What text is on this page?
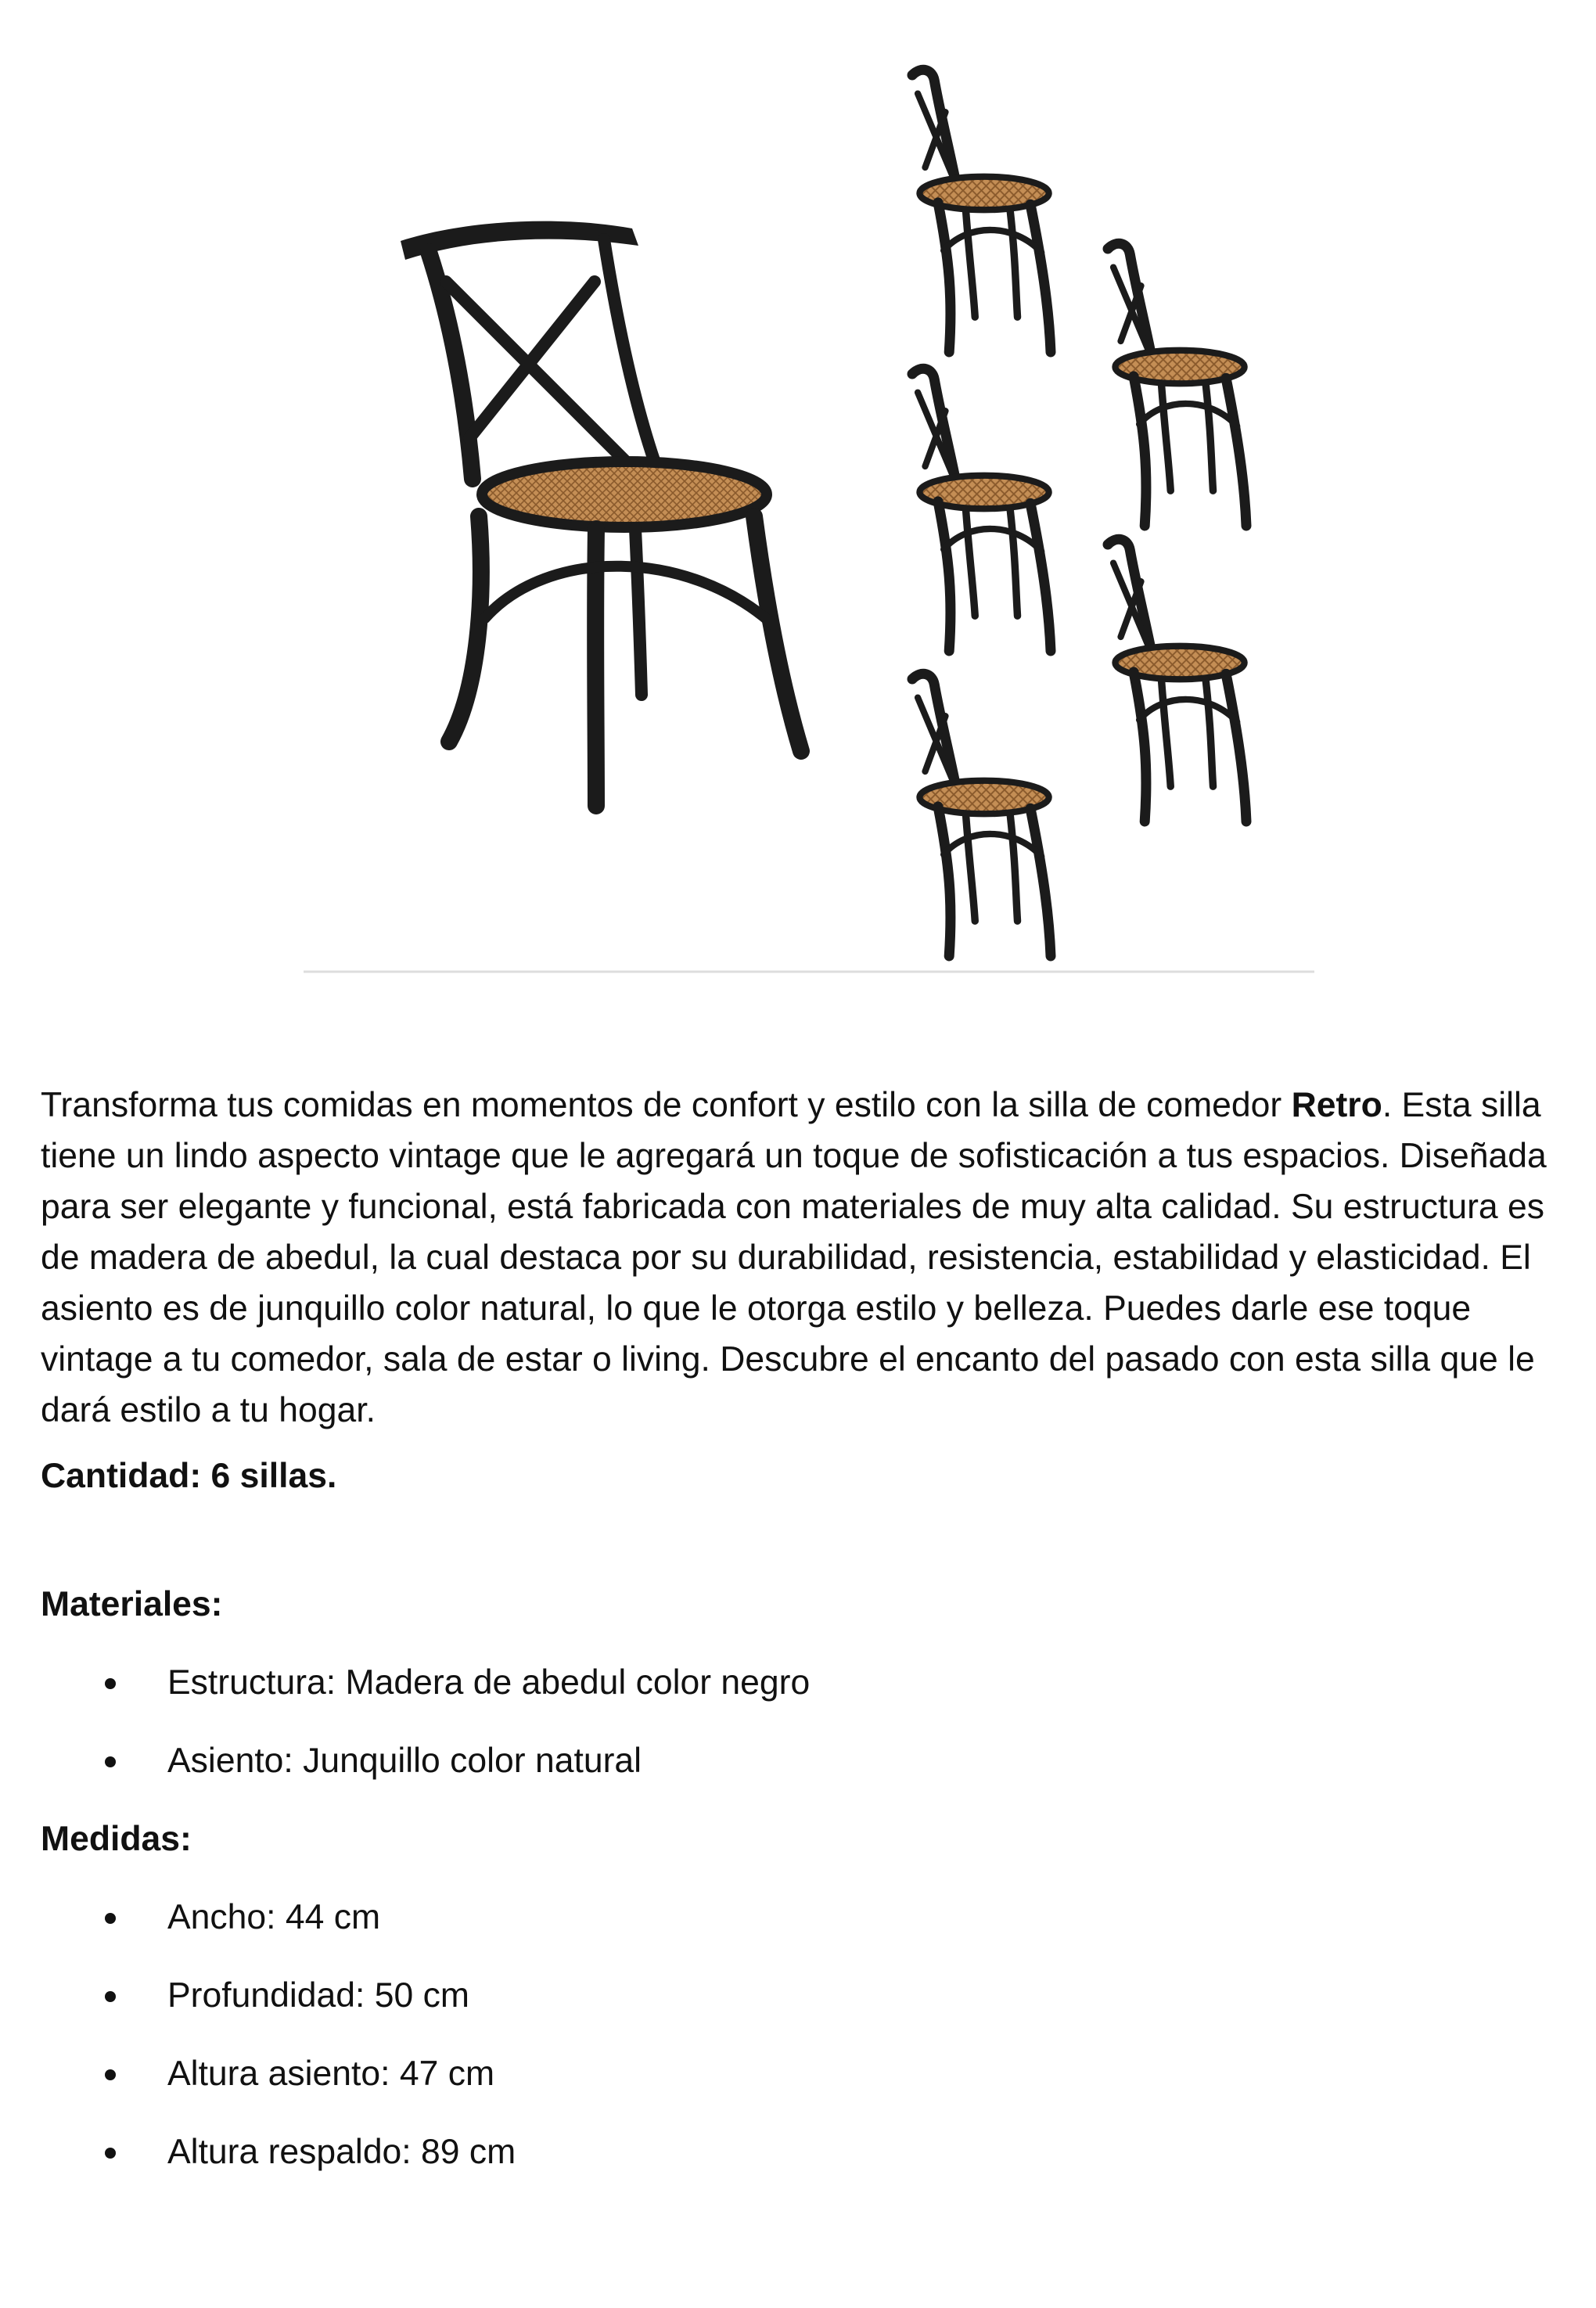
Transforma tus comidas en momentos de confort y estilo con la silla de comedor Retro. Esta silla tiene un lindo aspecto vintage que le agregará un toque de sofisticación a tus espacios. Diseñada para ser elegante y funcional, está fabricada con materiales de muy alta calidad. Su estructura es de madera de abedul, la cual destaca por su durabilidad, resistencia, estabilidad y elasticidad. El asiento es de junquillo color natural, lo que le otorga estilo y belleza. Puedes darle ese toque vintage a tu comedor, sala de estar o living. Descubre el encanto del pasado con esta silla que le dará estilo a tu hogar.

Cantidad: 6 sillas.

Materiales:

Estructura: Madera de abedul color negro
Asiento: Junquillo color natural

Medidas:

Ancho: 44 cm
Profundidad: 50 cm
Altura asiento: 47 cm
Altura respaldo: 89 cm
